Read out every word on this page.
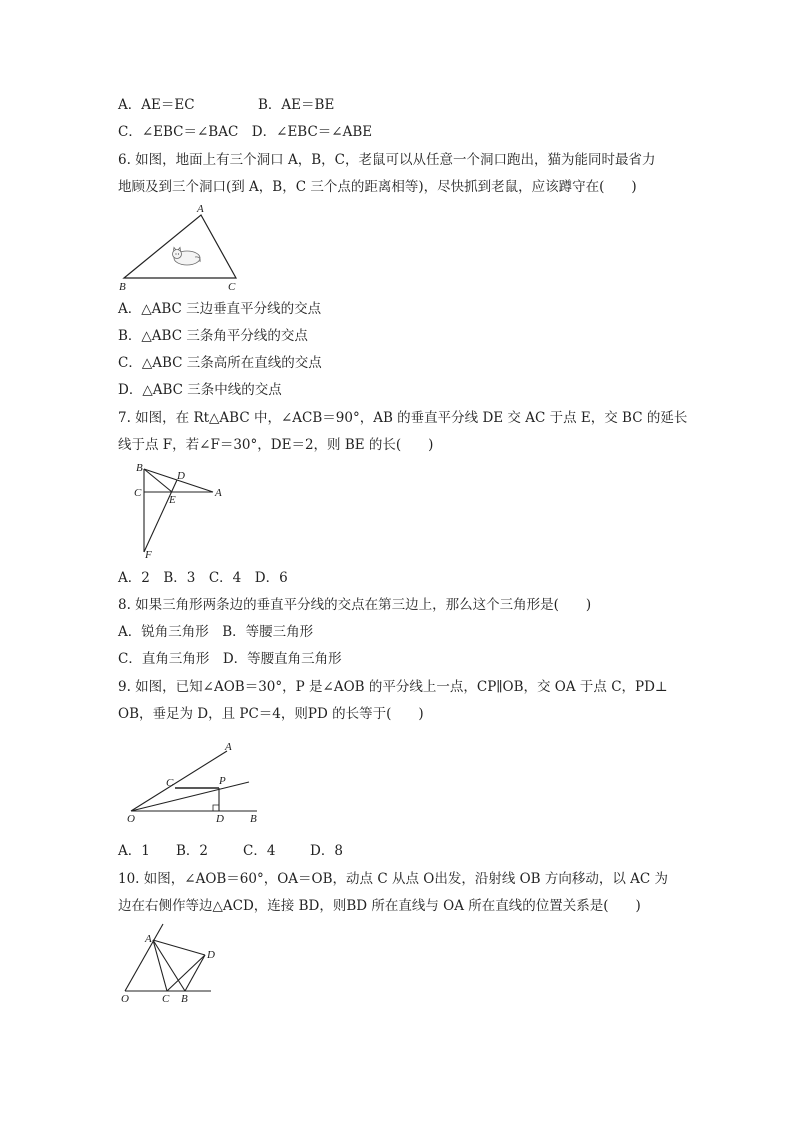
A．AE＝EC	B．AE＝BE
C．∠EBC＝∠BAC　D．∠EBC＝∠ABE
6. 如图，地面上有三个洞口 A，B，C，老鼠可以从任意一个洞口跑出，猫为能同时最省力
地顾及到三个洞口(到 A，B，C 三个点的距离相等)，尽快抓到老鼠，应该蹲守在(　　)
A
B	C
A．△ABC 三边垂直平分线的交点
B．△ABC 三条角平分线的交点
C．△ABC 三条高所在直线的交点
D．△ABC 三条中线的交点
7. 如图，在 Rt△ABC 中，∠ACB＝90°，AB 的垂直平分线 DE 交 AC 于点 E，交 BC 的延长
线于点 F，若∠F＝30°，DE＝2，则 BE 的长(　　)
B
D
C
E
A
F
A．2　B．3　C．4　D．6
8. 如果三角形两条边的垂直平分线的交点在第三边上，那么这个三角形是(　　)
A．锐角三角形　B．等腰三角形
C．直角三角形　D．等腰直角三角形
9. 如图，已知∠AOB＝30°，P 是∠AOB 的平分线上一点，CP∥OB，交 OA 于点 C，PD⊥
OB，垂足为 D，且 PC＝4，则PD 的长等于(　　)
A
C	P
O	D B
A．1 B．2	C．4	D．8
10. 如图，∠AOB＝60°，OA＝OB，动点 C 从点 O出发，沿射线 OB 方向移动，以 AC 为
边在右侧作等边△ACD，连接 BD，则BD 所在直线与 OA 所在直线的位置关系是(　　)
A
D
O	C B
